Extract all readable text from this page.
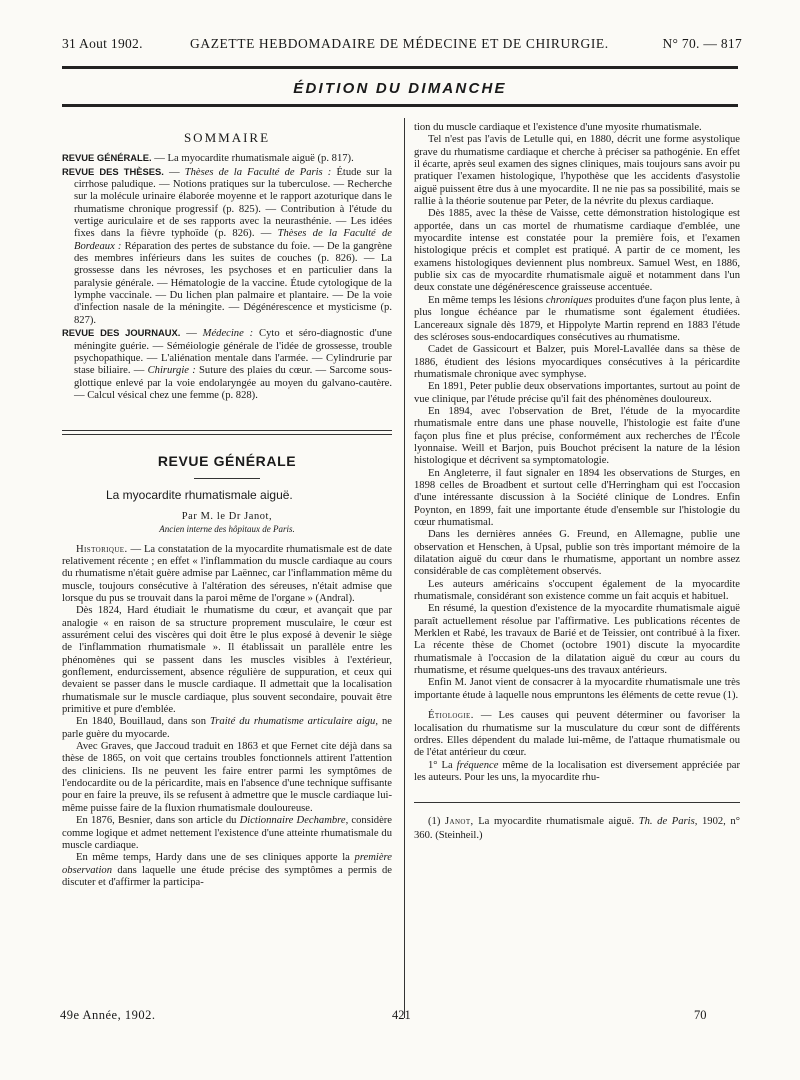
31 Aout 1902.	GAZETTE HEBDOMADAIRE DE MÉDECINE ET DE CHIRURGIE.	N° 70. — 817
ÉDITION DU DIMANCHE
SOMMAIRE

REVUE GÉNÉRALE. — La myocardite rhumatismale aiguë (p. 817).

REVUE DES THÈSES. — Thèses de la Faculté de Paris : Étude sur la cirrhose paludique. — Notions pratiques sur la tuberculose. — Recherche sur la molécule urinaire élaborée moyenne et le rapport azoturique dans le rhumatisme chronique progressif (p. 825). — Contribution à l'étude du vertige auriculaire et de ses rapports avec la neurasthénie. — Les idées fixes dans la fièvre typhoïde (p. 826). — Thèses de la Faculté de Bordeaux : Réparation des pertes de substance du foie. — De la gangrène des membres inférieurs dans les suites de couches (p. 826). — La grossesse dans les névroses, les psychoses et en particulier dans la paralysie générale. — Hématologie de la vaccine. Étude cytologique de la lymphe vaccinale. — Du lichen plan palmaire et plantaire. — De la voie d'infection nasale de la méningite. — Dégénérescence et mysticisme (p. 827).

REVUE DES JOURNAUX. — Médecine : Cyto et séro-diagnostic d'une méningite guérie. — Séméiologie générale de l'idée de grossesse, trouble psychopathique. — L'aliénation mentale dans l'armée. — Cylindrurie par stase biliaire. — Chirurgie : Suture des plaies du cœur. — Sarcome sous-glottique enlevé par la voie endolaryngée au moyen du galvano-cautère. — Calcul vésical chez une femme (p. 828).

REVUE GÉNÉRALE
La myocardite rhumatismale aiguë.
Par M. le Dr Janot,
Ancien interne des hôpitaux de Paris.

Historique. — La constatation de la myocardite rhumatismale est de date relativement récente ; en effet « l'inflammation du muscle cardiaque au cours du rhumatisme n'était guère admise par Laënnec, car l'inflammation même du muscle, toujours consécutive à l'altération des séreuses, n'était admise que lorsque du pus se trouvait dans la paroi même de l'organe » (Andral).

Dès 1824, Hard étudiait le rhumatisme du cœur, et avançait que par analogie « en raison de sa structure proprement musculaire, le cœur est assurément celui des viscères qui doit être le plus exposé à devenir le siège de l'inflammation rhumatismale ». Il établissait un parallèle entre les phénomènes qui se passent dans les muscles visibles à l'extérieur, gonflement, endurcissement, absence régulière de suppuration, et ceux qui devaient se passer dans le muscle cardiaque. Il admettait que la localisation rhumatismale sur le muscle cardiaque, plus souvent secondaire, pouvait être primitive et pure d'emblée.

En 1840, Bouillaud, dans son Traité du rhumatisme articulaire aigu, ne parle guère du myocarde.

Avec Graves, que Jaccoud traduit en 1863 et que Fernet cite déjà dans sa thèse de 1865, on voit que certains troubles fonctionnels attirent l'attention des cliniciens. Ils ne peuvent les faire entrer parmi les symptômes de l'endocardite ou de la péricardite, mais en l'absence d'une technique suffisante pour en faire la preuve, ils se refusent à admettre que le muscle cardiaque lui-même puisse faire de la fluxion rhumatismale douloureuse.

En 1876, Besnier, dans son article du Dictionnaire Dechambre, considère comme logique et admet nettement l'existence d'une atteinte rhumatismale du muscle cardiaque.

En même temps, Hardy dans une de ses cliniques apporte la première observation dans laquelle une étude précise des symptômes a permis de discuter et d'affirmer la participa-

tion du muscle cardiaque et l'existence d'une myosite rhumatismale.

Tel n'est pas l'avis de Letulle qui, en 1880, décrit une forme asystolique grave du rhumatisme cardiaque et cherche à préciser sa pathogénie. En effet il écarte, après seul examen des signes cliniques, mais toujours sans avoir pu pratiquer l'examen histologique, l'hypothèse que les accidents d'asystolie aiguë puissent être dus à une myocardite. Il ne nie pas sa possibilité, mais se rallie à la théorie soutenue par Peter, de la névrite du plexus cardiaque.

Dès 1885, avec la thèse de Vaisse, cette démonstration histologique est apportée, dans un cas mortel de rhumatisme cardiaque d'emblée, une myocardite intense est constatée pour la première fois, et l'examen histologique précis et complet est pratiqué. A partir de ce moment, les examens histologiques deviennent plus nombreux. Samuel West, en 1886, publie six cas de myocardite rhumatismale aiguë et notamment dans l'un deux constate une dégénérescence graisseuse accentuée.

En même temps les lésions chroniques produites d'une façon plus lente, à plus longue échéance par le rhumatisme sont également étudiées. Lancereaux signale dès 1879, et Hippolyte Martin reprend en 1883 l'étude des scléroses sous-endocardiques consécutives au rhumatisme.

Cadet de Gassicourt et Balzer, puis Morel-Lavallée dans sa thèse de 1886, étudient des lésions myocardiques consécutives à la péricardite rhumatismale chronique avec symphyse.

En 1891, Peter publie deux observations importantes, surtout au point de vue clinique, par l'étude précise qu'il fait des phénomènes douloureux.

En 1894, avec l'observation de Bret, l'étude de la myocardite rhumatismale entre dans une phase nouvelle, l'histologie est faite d'une façon plus fine et plus précise, conformément aux recherches de l'École lyonnaise. Weill et Barjon, puis Bouchot précisent la nature de la lésion histologique et décrivent sa symptomatologie.

En Angleterre, il faut signaler en 1894 les observations de Sturges, en 1898 celles de Broadbent et surtout celle d'Herringham qui est l'occasion d'une intéressante discussion à la Société clinique de Londres. Enfin Poynton, en 1899, fait une importante étude d'ensemble sur l'histologie du cœur rhumatismal.

Dans les dernières années G. Freund, en Allemagne, publie une observation et Henschen, à Upsal, publie son très important mémoire de la dilatation aiguë du cœur dans le rhumatisme, apportant un nombre assez considérable de cas complètement observés.

Les auteurs américains s'occupent également de la myocardite rhumatismale, considérant son existence comme un fait acquis et habituel.

En résumé, la question d'existence de la myocardite rhumatismale aiguë paraît actuellement résolue par l'affirmative. Les publications récentes de Merklen et Rabé, les travaux de Barié et de Teissier, ont contribué à la fixer. La récente thèse de Chomet (octobre 1901) discute la myocardite rhumatismale à l'occasion de la dilatation aiguë du cœur au cours du rhumatisme, et résume quelques-uns des travaux antérieurs.

Enfin M. Janot vient de consacrer à la myocardite rhumatismale une très importante étude à laquelle nous empruntons les éléments de cette revue (1).

Étiologie. — Les causes qui peuvent déterminer ou favoriser la localisation du rhumatisme sur la musculature du cœur sont de différents ordres. Elles dépendent du malade lui-même, de l'attaque rhumatismale ou de l'état antérieur du cœur.

1° La fréquence même de la localisation est diversement appréciée par les auteurs. Pour les uns, la myocardite rhu-

(1) Janot, La myocardite rhumatismale aiguë. Th. de Paris, 1902, n° 360. (Steinheil.)

49e Année, 1902.	421	70
